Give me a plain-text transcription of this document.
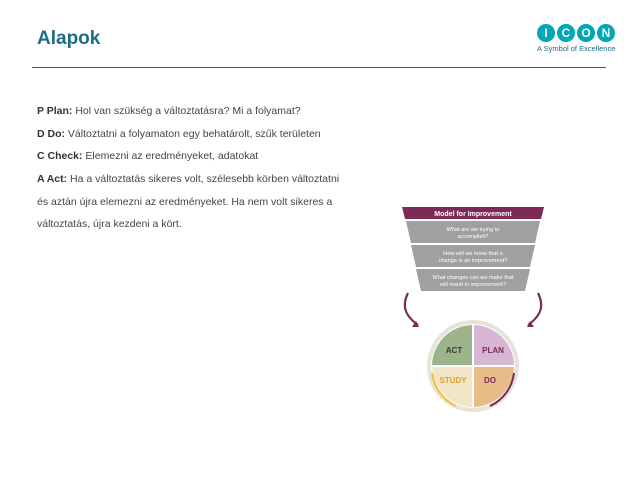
Alapok	I	C O N
A Symbol of Excellence
P Plan: Hol van szükség a változtatásra? Mi a folyamat?
D Do: Változtatni a folyamaton egy behatárolt, szűk területen
C Check: Elemezni az eredményeket, adatokat
A Act: Ha a változtatás sikeres volt, szélesebb körben változtatni
és aztán újra elemezni az eredményeket. Ha nem volt sikeres a
változtatás, újra kezdeni a kört.
Model for Improvement
What are we trying to
accomplish?
How will we know that a
change is an improvement?
What changes can we make that
will result in improvement?
ACT PLAN
STUDY DO
